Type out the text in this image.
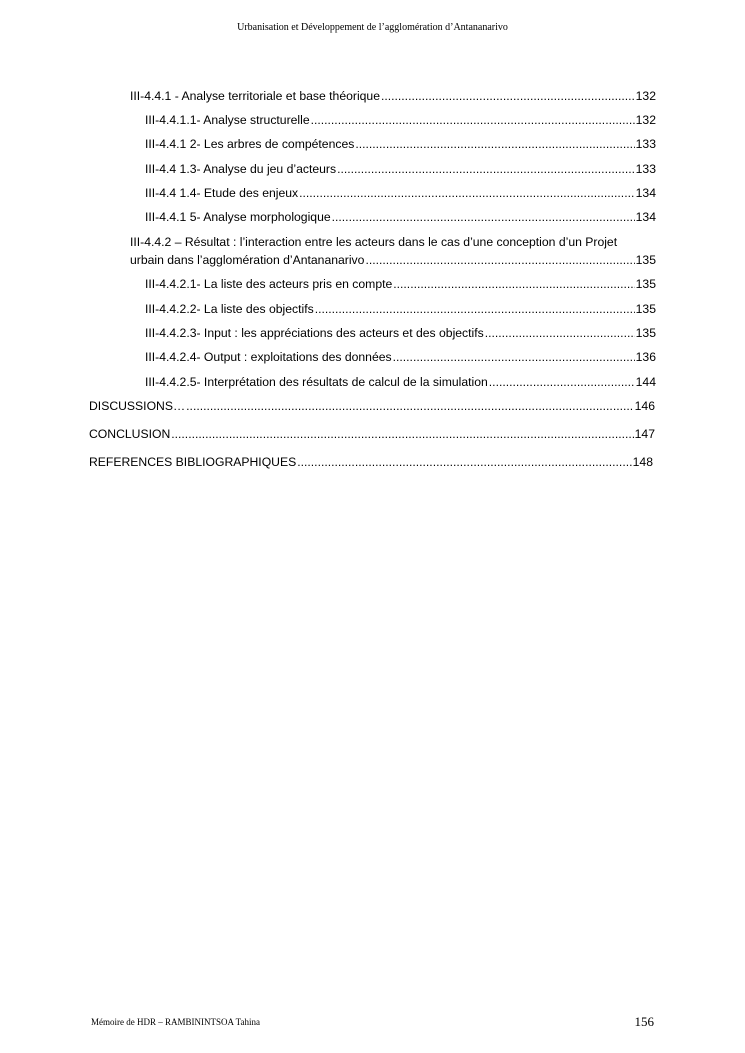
Urbanisation et Développement de l’agglomération d’Antananarivo
III-4.4.1 - Analyse territoriale et base théorique .....	132
III-4.4.1.1- Analyse structurelle .....	132
III-4.4.1 2- Les arbres de compétences .....	133
III-4.4 1.3- Analyse du jeu d’acteurs .....	133
III-4.4 1.4- Etude des enjeux .....	134
III-4.4.1 5- Analyse morphologique .....	134
III-4.4.2 – Résultat : l’interaction entre les acteurs dans le cas d’une conception d’un Projet
urbain dans l’agglomération d’Antananarivo .....	135
III-4.4.2.1- La liste des acteurs pris en compte .....	135
III-4.4.2.2- La liste des objectifs .....	135
III-4.4.2.3- Input : les appréciations des acteurs et des objectifs .....	135
III-4.4.2.4- Output : exploitations des données .....	136
III-4.4.2.5- Interprétation des résultats de calcul de la simulation .....	144
DISCUSSIONS… .....	146
CONCLUSION .....	147
REFERENCES BIBLIOGRAPHIQUES .....	148
Mémoire de HDR – RAMBININTSOA Tahina	156
